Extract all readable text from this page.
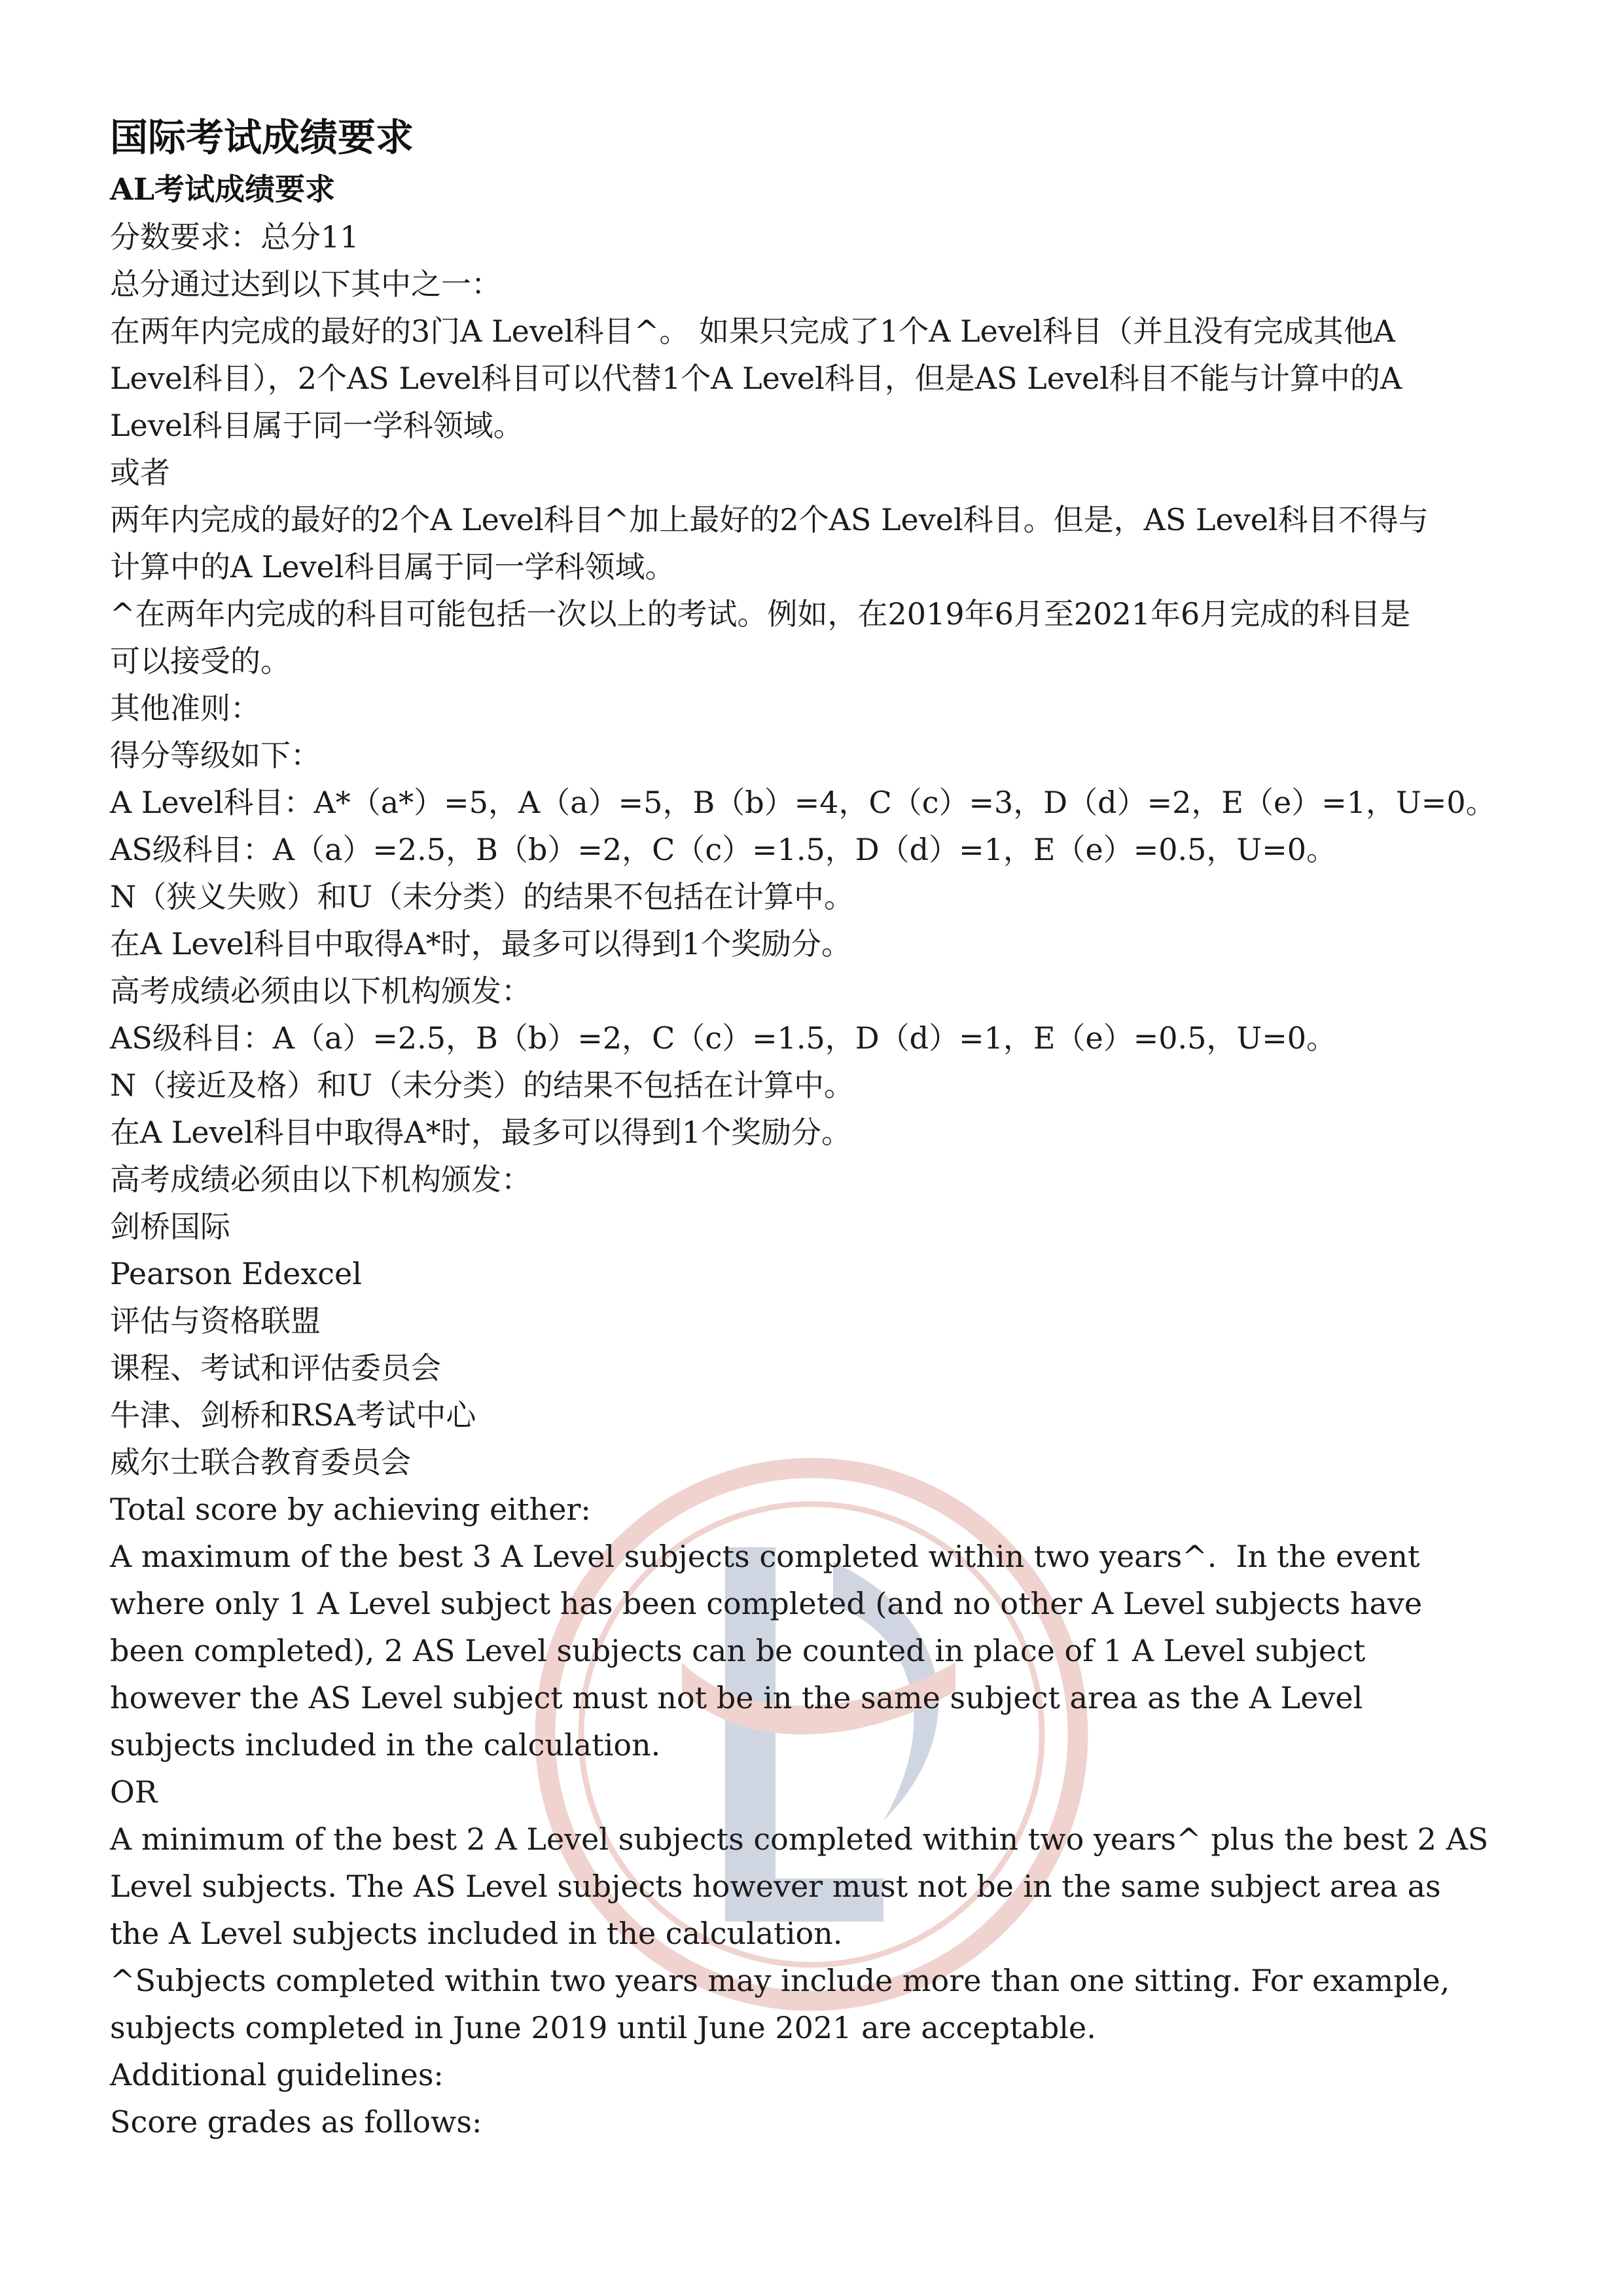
国际考试成绩要求

AL考试成绩要求

分数要求：总分11

总分通过达到以下其中之一：

在两年内完成的最好的3门A Level科目^。 如果只完成了1个A Level科目（并且没有完成其他A

Level科目），2个AS Level科目可以代替1个A Level科目，但是AS Level科目不能与计算中的A

Level科目属于同一学科领域。

或者

两年内完成的最好的2个A Level科目^加上最好的2个AS Level科目。但是，AS Level科目不得与

计算中的A Level科目属于同一学科领域。

^在两年内完成的科目可能包括一次以上的考试。例如，在2019年6月至2021年6月完成的科目是

可以接受的。

其他准则：

得分等级如下：

A Level科目：A*（a*）=5，A（a）=5，B（b）=4，C（c）=3，D（d）=2，E（e）=1，U=0。

AS级科目：A（a）=2.5，B（b）=2，C（c）=1.5，D（d）=1，E（e）=0.5，U=0。

N（狭义失败）和U（未分类）的结果不包括在计算中。

在A Level科目中取得A*时，最多可以得到1个奖励分。

高考成绩必须由以下机构颁发：

AS级科目：A（a）=2.5，B（b）=2，C（c）=1.5，D（d）=1，E（e）=0.5，U=0。

N（接近及格）和U（未分类）的结果不包括在计算中。

在A Level科目中取得A*时，最多可以得到1个奖励分。

高考成绩必须由以下机构颁发：

剑桥国际

Pearson Edexcel

评估与资格联盟

课程、考试和评估委员会

牛津、剑桥和RSA考试中心

威尔士联合教育委员会

Total score by achieving either:

A maximum of the best 3 A Level subjects completed within two years^.  In the event

where only 1 A Level subject has been completed (and no other A Level subjects have

been completed), 2 AS Level subjects can be counted in place of 1 A Level subject

however the AS Level subject must not be in the same subject area as the A Level

subjects included in the calculation.

OR

A minimum of the best 2 A Level subjects completed within two years^ plus the best 2 AS

Level subjects. The AS Level subjects however must not be in the same subject area as

the A Level subjects included in the calculation.

^Subjects completed within two years may include more than one sitting. For example,

subjects completed in June 2019 until June 2021 are acceptable.

Additional guidelines:

Score grades as follows:
